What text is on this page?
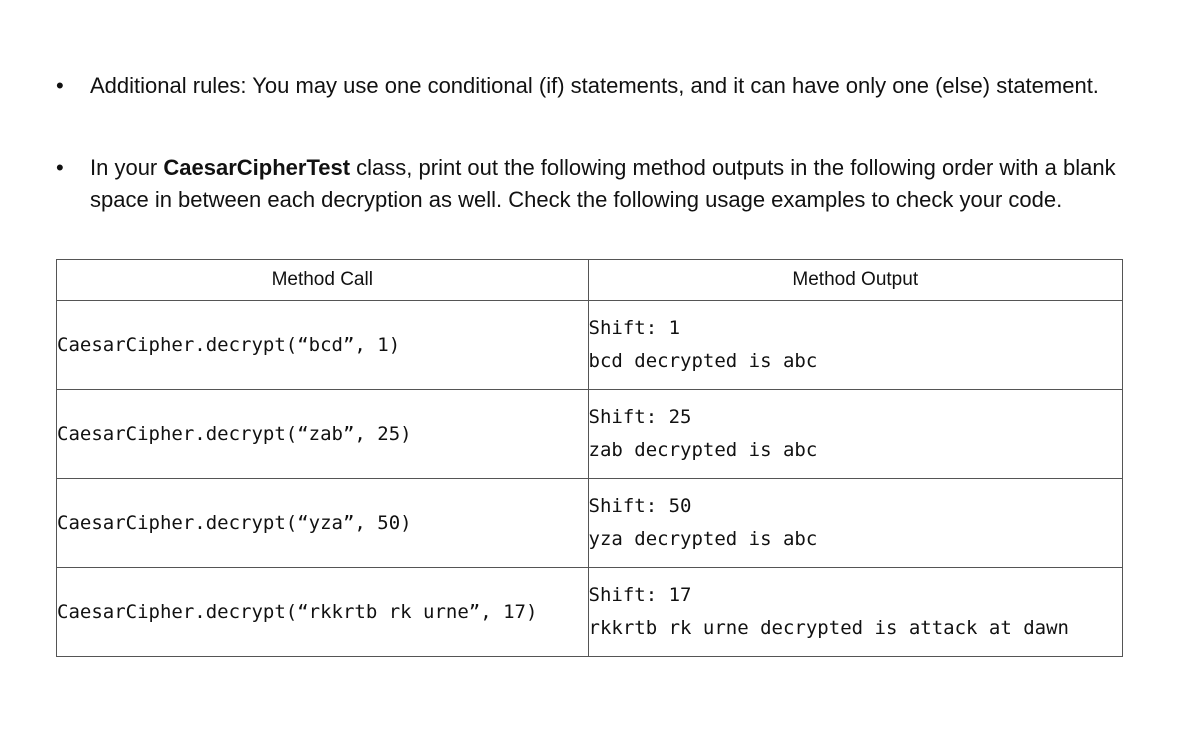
•	Additional rules: You may use one conditional (if) statements, and it can have only one (else) statement.
•	In your CaesarCipherTest class, print out the following method outputs in the following order with a blank space in between each decryption as well. Check the following usage examples to check your code.
Method Call	Method Output
CaesarCipher.decrypt(“bcd”, 1)	Shift: 1
bcd decrypted is abc

CaesarCipher.decrypt(“zab”, 25)	Shift: 25
zab decrypted is abc

CaesarCipher.decrypt(“yza”, 50)	Shift: 50
yza decrypted is abc

CaesarCipher.decrypt(“rkkrtb rk urne”, 17)	Shift: 17
rkkrtb rk urne decrypted is attack at dawn
